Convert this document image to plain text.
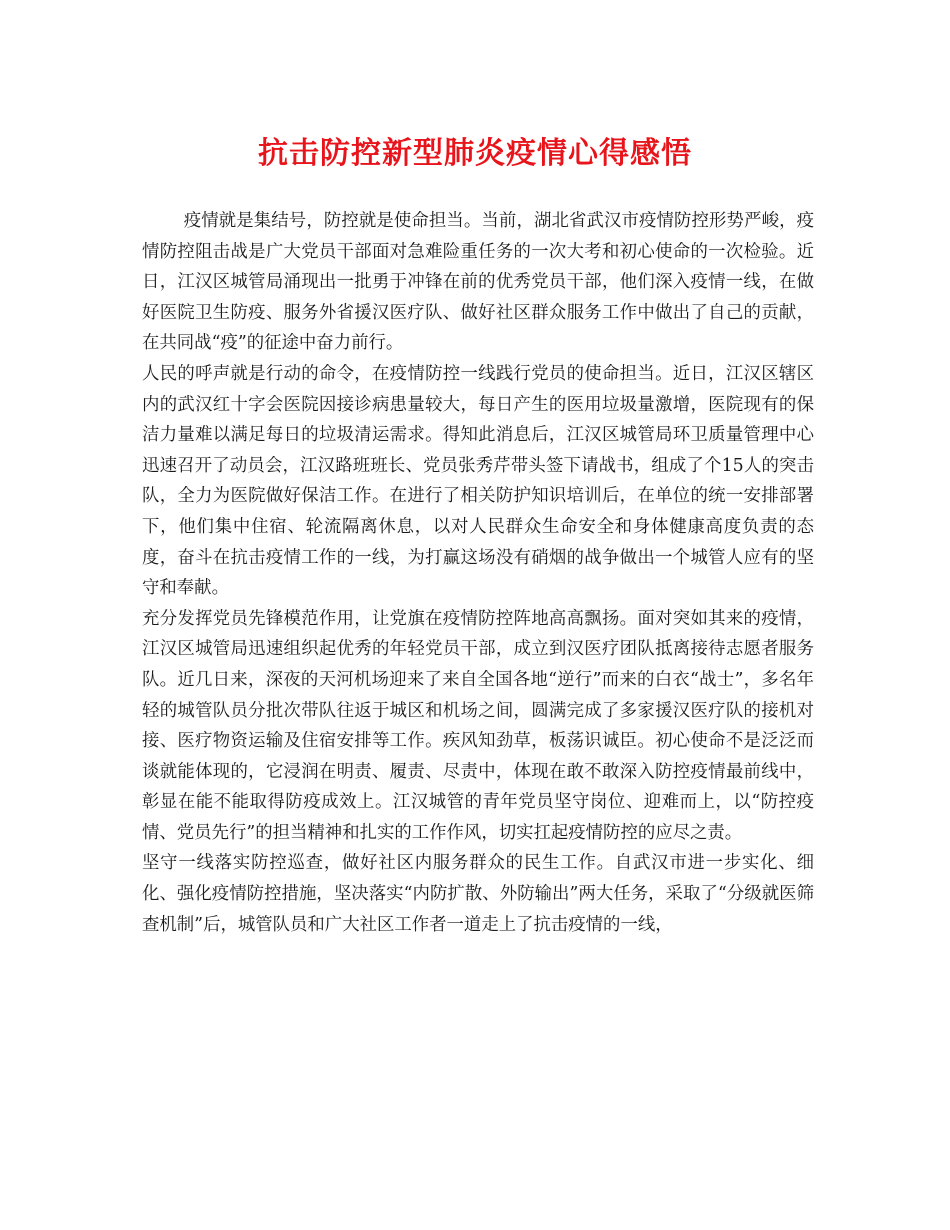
抗击防控新型肺炎疫情心得感悟

疫情就是集结号，防控就是使命担当。当前，湖北省武汉市疫情防控形势严峻，疫情防控阻击战是广大党员干部面对急难险重任务的一次大考和初心使命的一次检验。近日，江汉区城管局涌现出一批勇于冲锋在前的优秀党员干部，他们深入疫情一线，在做好医院卫生防疫、服务外省援汉医疗队、做好社区群众服务工作中做出了自己的贡献，在共同战“疫”的征途中奋力前行。

人民的呼声就是行动的命令，在疫情防控一线践行党员的使命担当。近日，江汉区辖区内的武汉红十字会医院因接诊病患量较大，每日产生的医用垃圾量激增，医院现有的保洁力量难以满足每日的垃圾清运需求。得知此消息后，江汉区城管局环卫质量管理中心迅速召开了动员会，江汉路班班长、党员张秀芹带头签下请战书，组成了个15人的突击队，全力为医院做好保洁工作。在进行了相关防护知识培训后，在单位的统一安排部署下，他们集中住宿、轮流隔离休息，以对人民群众生命安全和身体健康高度负责的态度，奋斗在抗击疫情工作的一线，为打赢这场没有硝烟的战争做出一个城管人应有的坚守和奉献。

充分发挥党员先锋模范作用，让党旗在疫情防控阵地高高飘扬。面对突如其来的疫情，江汉区城管局迅速组织起优秀的年轻党员干部，成立到汉医疗团队抵离接待志愿者服务队。近几日来，深夜的天河机场迎来了来自全国各地“逆行”而来的白衣“战士”，多名年轻的城管队员分批次带队往返于城区和机场之间，圆满完成了多家援汉医疗队的接机对接、医疗物资运输及住宿安排等工作。疾风知劲草，板荡识诚臣。初心使命不是泛泛而谈就能体现的，它浸润在明责、履责、尽责中，体现在敢不敢深入防控疫情最前线中，彰显在能不能取得防疫成效上。江汉城管的青年党员坚守岗位、迎难而上，以“防控疫情、党员先行”的担当精神和扎实的工作作风，切实扛起疫情防控的应尽之责。

坚守一线落实防控巡查，做好社区内服务群众的民生工作。自武汉市进一步实化、细化、强化疫情防控措施，坚决落实“内防扩散、外防输出”两大任务，采取了“分级就医筛查机制”后，城管队员和广大社区工作者一道走上了抗击疫情的一线，
